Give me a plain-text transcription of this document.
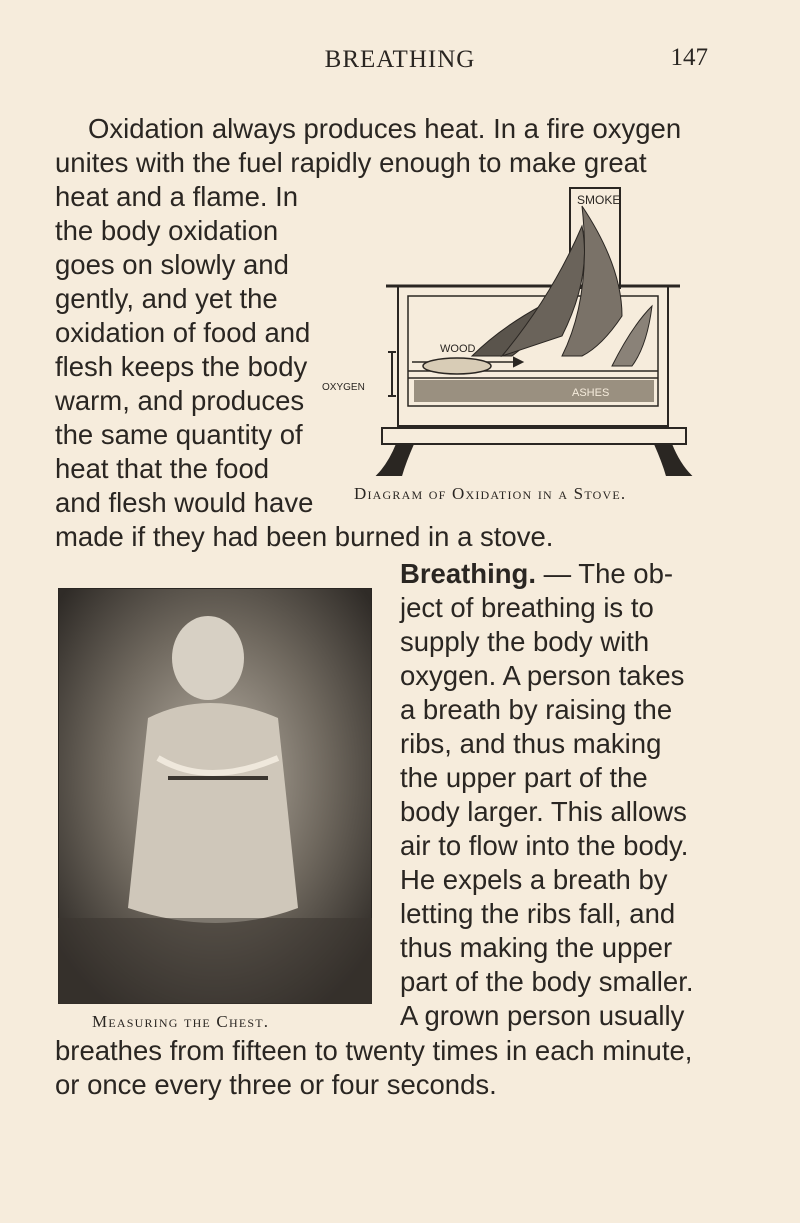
BREATHING	147
Oxidation always produces heat. In a fire oxygen
unites with the fuel rapidly enough to make great
heat and a flame. In
the body oxidation
goes on slowly and
gently, and yet the
oxidation of food and
flesh keeps the body
warm, and produces
the same quantity of
heat that the food
and flesh would have
made if they had been burned in a stove.
Breathing. — The ob-
ject of breathing is to
supply the body with
oxygen. A person takes
a breath by raising the
ribs, and thus making
the upper part of the
body larger. This allows
air to flow into the body.
He expels a breath by
letting the ribs fall, and
thus making the upper
part of the body smaller.
A grown person usually
breathes from fifteen to twenty times in each minute,
or once every three or four seconds.
SMOKE
OXYGEN
WOOD
ASHES
Diagram of Oxidation in a Stove.
Measuring the Chest.
